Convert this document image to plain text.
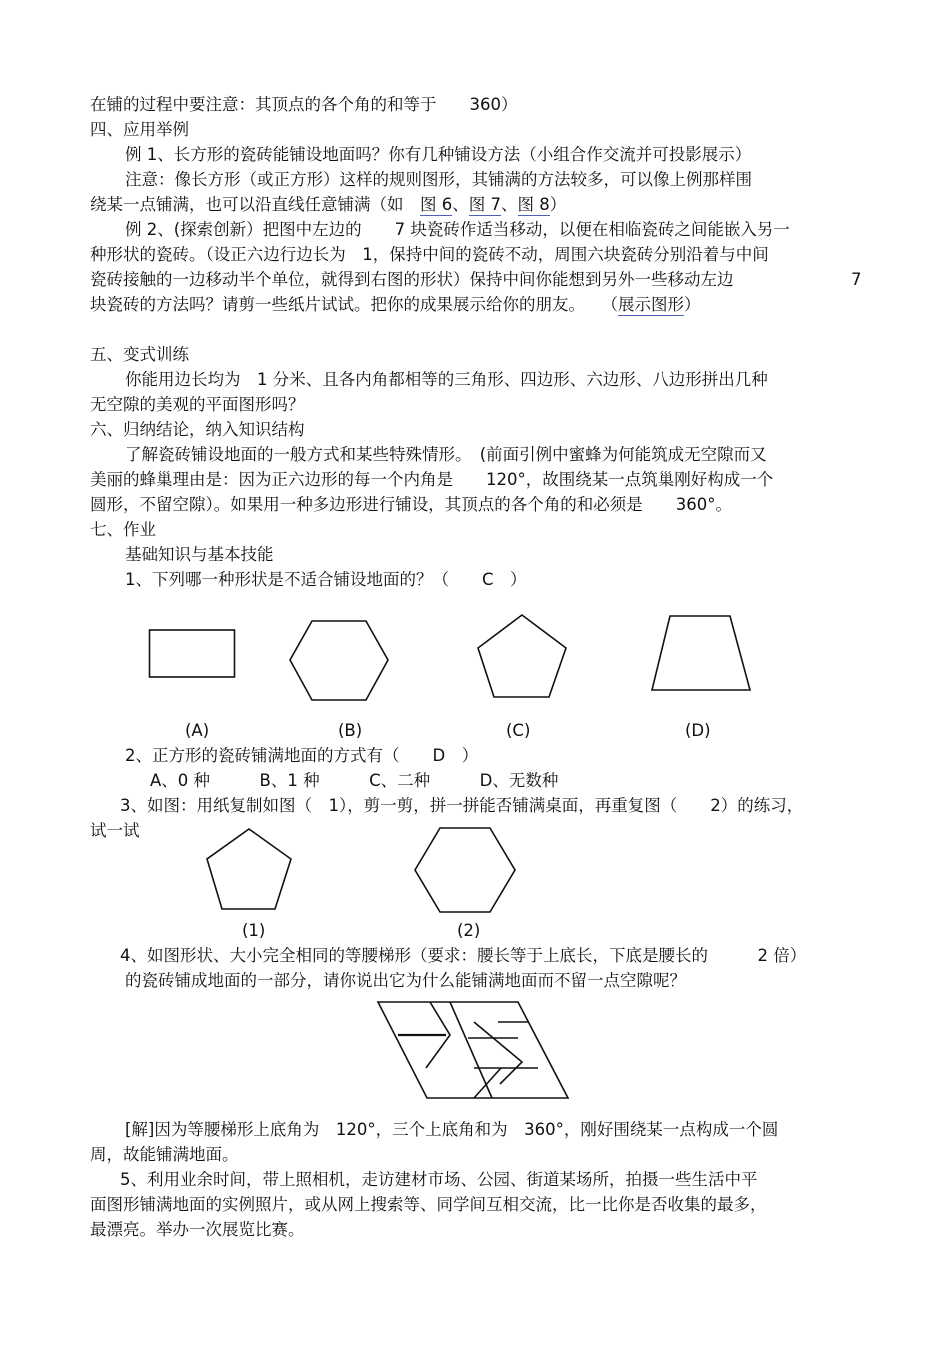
在铺的过程中要注意：其顶点的各个角的和等于　　360）
四、应用举例
例 1、长方形的瓷砖能铺设地面吗？你有几种铺设方法（小组合作交流并可投影展示）
注意：像长方形（或正方形）这样的规则图形，其铺满的方法较多，可以像上例那样围
绕某一点铺满，也可以沿直线任意铺满（如　图 6、图 7、图 8）
例 2、(探索创新）把图中左边的　　7 块瓷砖作适当移动，以便在相临瓷砖之间能嵌入另一
种形状的瓷砖。（设正六边行边长为　1，保持中间的瓷砖不动，周围六块瓷砖分别沿着与中间
瓷砖接触的一边移动半个单位，就得到右图的形状）保持中间你能想到另外一些移动左边	7
块瓷砖的方法吗？请剪一些纸片试试。把你的成果展示给你的朋友。　　（展示图形）
五、变式训练
你能用边长均为　1 分米、且各内角都相等的三角形、四边形、六边形、八边形拼出几种
无空隙的美观的平面图形吗？
六、归纳结论，纳入知识结构
了解瓷砖铺设地面的一般方式和某些特殊情形。　(前面引例中蜜蜂为何能筑成无空隙而又
美丽的蜂巢理由是：因为正六边形的每一个内角是　　120°，故围绕某一点筑巢刚好构成一个
圆形，不留空隙）。如果用一种多边形进行铺设，其顶点的各个角的和必须是　　360°。
七、作业
基础知识与基本技能
1、下列哪一种形状是不适合铺设地面的？（　　C　）
(A)	(B)	(C)	(D)
2、正方形的瓷砖铺满地面的方式有（　　D　）
A、0 种　　　B、1 种　　　C、二种　　　D、无数种
3、如图：用纸复制如图（　1），剪一剪，拼一拼能否铺满桌面，再重复图（　　2）的练习，
试一试
(1)	(2)
4、如图形状、大小完全相同的等腰梯形（要求：腰长等于上底长，下底是腰长的　　　2 倍）
的瓷砖铺成地面的一部分，请你说出它为什么能铺满地面而不留一点空隙呢？
[解]因为等腰梯形上底角为　120°，三个上底角和为　360°，刚好围绕某一点构成一个圆
周，故能铺满地面。
5、利用业余时间，带上照相机，走访建材市场、公园、街道某场所，拍摄一些生活中平
面图形铺满地面的实例照片，或从网上搜索等、同学间互相交流，比一比你是否收集的最多，
最漂亮。举办一次展览比赛。
